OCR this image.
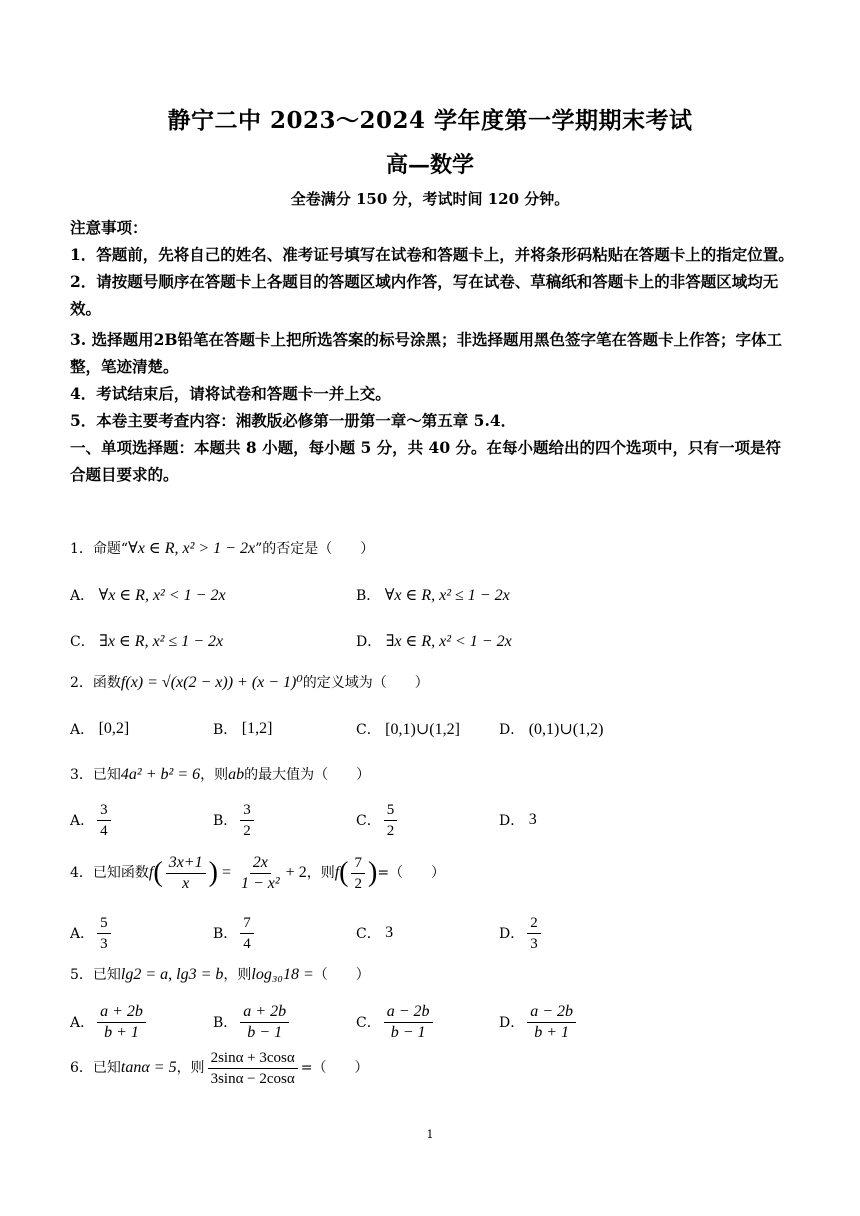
静宁二中 2023～2024 学年度第一学期期末考试
高—数学
全卷满分 150 分，考试时间 120 分钟。

注意事项：

1．答题前，先将自己的姓名、准考证号填写在试卷和答题卡上，并将条形码粘贴在答题卡上的指定位置。

2．请按题号顺序在答题卡上各题目的答题区域内作答，写在试卷、草稿纸和答题卡上的非答题区域均无效。

3. 选择题用2B铅笔在答题卡上把所选答案的标号涂黑；非选择题用黑色签字笔在答题卡上作答；字体工整，笔迹清楚。

4．考试结束后，请将试卷和答题卡一并上交。

5．本卷主要考查内容：湘教版必修第一册第一章～第五章 5.4．

一、单项选择题：本题共 8 小题，每小题 5 分，共 40 分。在每小题给出的四个选项中，只有一项是符合题目要求的。

1．命题“∀x ∈ R, x² > 1 − 2x”的否定是（　　）
A．
∀x ∈ R, x² < 1 − 2x	B．
∀x ∈ R, x² ≤ 1 − 2x
C．
∃x ∈ R, x² ≤ 1 − 2x	D．
∃x ∈ R, x² < 1 − 2x
2．函数f(x) = √(x(2 − x)) + (x − 1)⁰的定义域为（　　）
A．
[0,2]	B．
[1,2]	C．
[0,1)∪(1,2]	D．
(0,1)∪(1,2)
3．已知4a² + b² = 6，则ab的最大值为（　　）
A． $\frac{3}{4}$	B． $\frac{3}{2}$	C． $\frac{5}{2}$	D．
3
4． 已知函数 f ( $\frac{3x+1}{x}$ ) = $\frac{2x}{\text{1 − x²}} + 2$ ，则 f ( $\frac{7}{2}$ ) =（　　）
A． $\frac{5}{3}$	B． $\frac{7}{4}$	C．
3	D． $\frac{2}{3}$
5．已知lg2 = a, lg3 = b，则log₃₀18 =（　　）
A． $\frac{a + 2b}{b + 1}$	B． $\frac{a + 2b}{b - 1}$	C． $\frac{a - 2b}{b - 1}$	D． $\frac{a - 2b}{b + 1}$
6． 已知 tanα = 5 ，则 $\frac{2\sin\alpha + 3\cos\alpha}{3\sin\alpha - 2\cos\alpha}$ =（　　）
1
